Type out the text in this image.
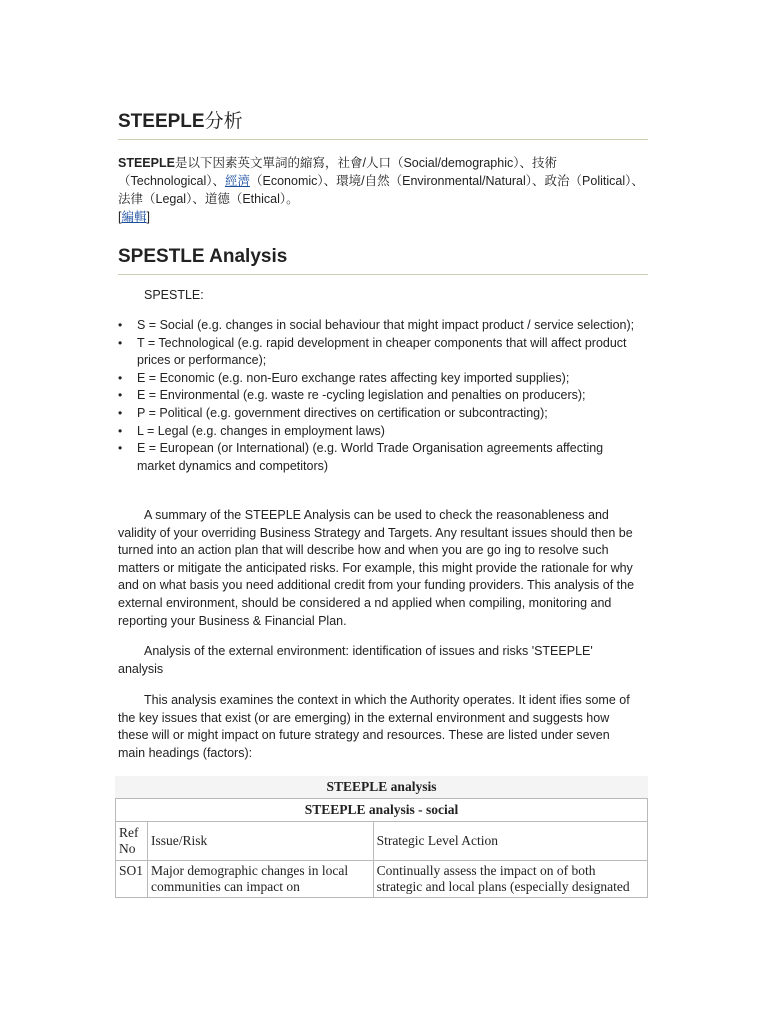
STEEPLE分析
STEEPLE是以下因素英文單詞的縮寫，社會/人口（Social/demographic）、技術（Technological）、經濟（Economic）、環境/自然（Environmental/Natural）、政治（Political）、法律（Legal）、道德（Ethical）。
[編輯]
SPESTLE Analysis

SPESTLE:

• S = Social (e.g. changes in social behaviour that might impact product / service selection);
• T = Technological (e.g. rapid development in cheaper components that will affect product prices or performance);
• E = Economic (e.g. non-Euro exchange rates affecting key imported supplies);
• E = Environmental (e.g. waste re -cycling legislation and penalties on producers);
• P = Political (e.g. government directives on certification or subcontracting);
• L = Legal (e.g. changes in employment laws)
• E = European (or International) (e.g. World Trade Organisation agreements affecting market dynamics and competitors)

A summary of the STEEPLE Analysis can be used to check the reasonableness and validity of your overriding Business Strategy and Targets. Any resultant issues should then be turned into an action plan that will describe how and when you are go ing to resolve such matters or mitigate the anticipated risks. For example, this might provide the rationale for why and on what basis you need additional credit from your funding providers. This analysis of the external environment, should be considered a nd applied when compiling, monitoring and reporting your Business & Financial Plan.

Analysis of the external environment: identification of issues and risks 'STEEPLE' analysis

This analysis examines the context in which the Authority operates. It ident ifies some of the key issues that exist (or are emerging) in the external environment and suggests how these will or might impact on future strategy and resources. These are listed under seven main headings (factors):

STEEPLE analysis
STEEPLE analysis - social		
Ref No	Issue/Risk	Strategic Level Action
SO1	Major demographic changes in local communities can impact on	Continually assess the impact on of both strategic and local plans (especially designated
